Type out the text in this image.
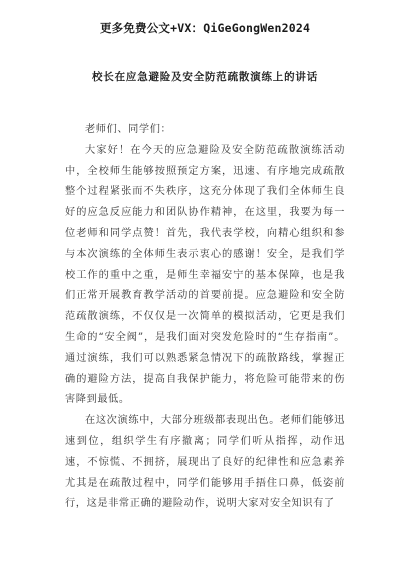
更多免费公文+VX：QiGeGongWen2024
校长在应急避险及安全防范疏散演练上的讲话

老师们、同学们：

大家好！在今天的应急避险及安全防范疏散演练活动中，全校师生能够按照预定方案，迅速、有序地完成疏散整个过程紧张而不失秩序，这充分体现了我们全体师生良好的应急反应能力和团队协作精神，在这里，我要为每一位老师和同学点赞！首先，我代表学校，向精心组织和参与本次演练的全体师生表示衷心的感谢！安全，是我们学校工作的重中之重，是师生幸福安宁的基本保障，也是我们正常开展教育教学活动的首要前提。应急避险和安全防范疏散演练，不仅仅是一次简单的模拟活动，它更是我们生命的“安全阀”，是我们面对突发危险时的“生存指南”。通过演练，我们可以熟悉紧急情况下的疏散路线，掌握正确的避险方法，提高自我保护能力，将危险可能带来的伤害降到最低。

在这次演练中，大部分班级都表现出色。老师们能够迅速到位，组织学生有序撤离；同学们听从指挥，动作迅速，不惊慌、不拥挤，展现出了良好的纪律性和应急素养尤其是在疏散过程中，同学们能够用手捂住口鼻，低姿前行，这是非常正确的避险动作，说明大家对安全知识有了
